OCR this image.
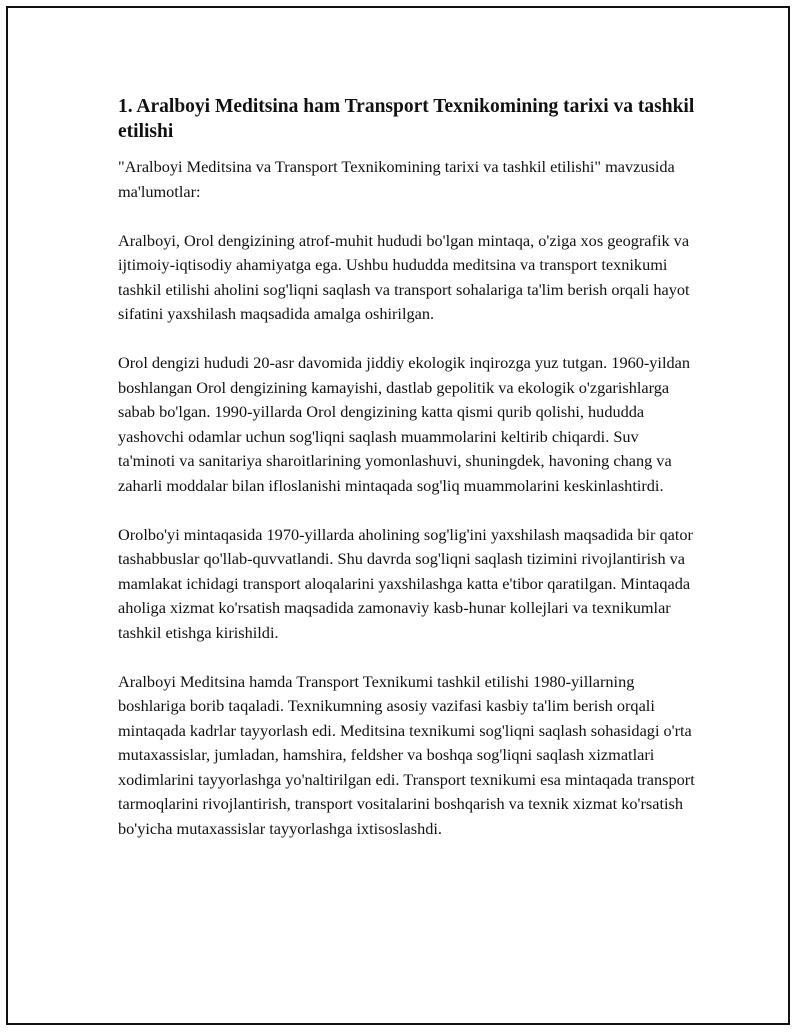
1. Aralboyi Meditsina ham Transport Texnikomining tarixi va tashkil etilishi

"Aralboyi Meditsina va Transport Texnikomining tarixi va tashkil etilishi" mavzusida ma'lumotlar:

Aralboyi, Orol dengizining atrof-muhit hududi bo'lgan mintaqa, o'ziga xos geografik va ijtimoiy-iqtisodiy ahamiyatga ega. Ushbu hududda meditsina va transport texnikumi tashkil etilishi aholini sog'liqni saqlash va transport sohalariga ta'lim berish orqali hayot sifatini yaxshilash maqsadida amalga oshirilgan.

Orol dengizi hududi 20-asr davomida jiddiy ekologik inqirozga yuz tutgan. 1960-yildan boshlangan Orol dengizining kamayishi, dastlab gepolitik va ekologik o'zgarishlarga sabab bo'lgan. 1990-yillarda Orol dengizining katta qismi qurib qolishi, hududda yashovchi odamlar uchun sog'liqni saqlash muammolarini keltirib chiqardi. Suv ta'minoti va sanitariya sharoitlarining yomonlashuvi, shuningdek, havoning chang va zaharli moddalar bilan ifloslanishi mintaqada sog'liq muammolarini keskinlashtirdi.

Orolbo'yi mintaqasida 1970-yillarda aholining sog'lig'ini yaxshilash maqsadida bir qator tashabbuslar qo'llab-quvvatlandi. Shu davrda sog'liqni saqlash tizimini rivojlantirish va mamlakat ichidagi transport aloqalarini yaxshilashga katta e'tibor qaratilgan. Mintaqada aholiga xizmat ko'rsatish maqsadida zamonaviy kasb-hunar kollejlari va texnikumlar tashkil etishga kirishildi.

Aralboyi Meditsina hamda Transport Texnikumi tashkil etilishi 1980-yillarning boshlariga borib taqaladi. Texnikumning asosiy vazifasi kasbiy ta'lim berish orqali mintaqada kadrlar tayyorlash edi. Meditsina texnikumi sog'liqni saqlash sohasidagi o'rta mutaxassislar, jumladan, hamshira, feldsher va boshqa sog'liqni saqlash xizmatlari xodimlarini tayyorlashga yo'naltirilgan edi. Transport texnikumi esa mintaqada transport tarmoqlarini rivojlantirish, transport vositalarini boshqarish va texnik xizmat ko'rsatish bo'yicha mutaxassislar tayyorlashga ixtisoslashdi.
